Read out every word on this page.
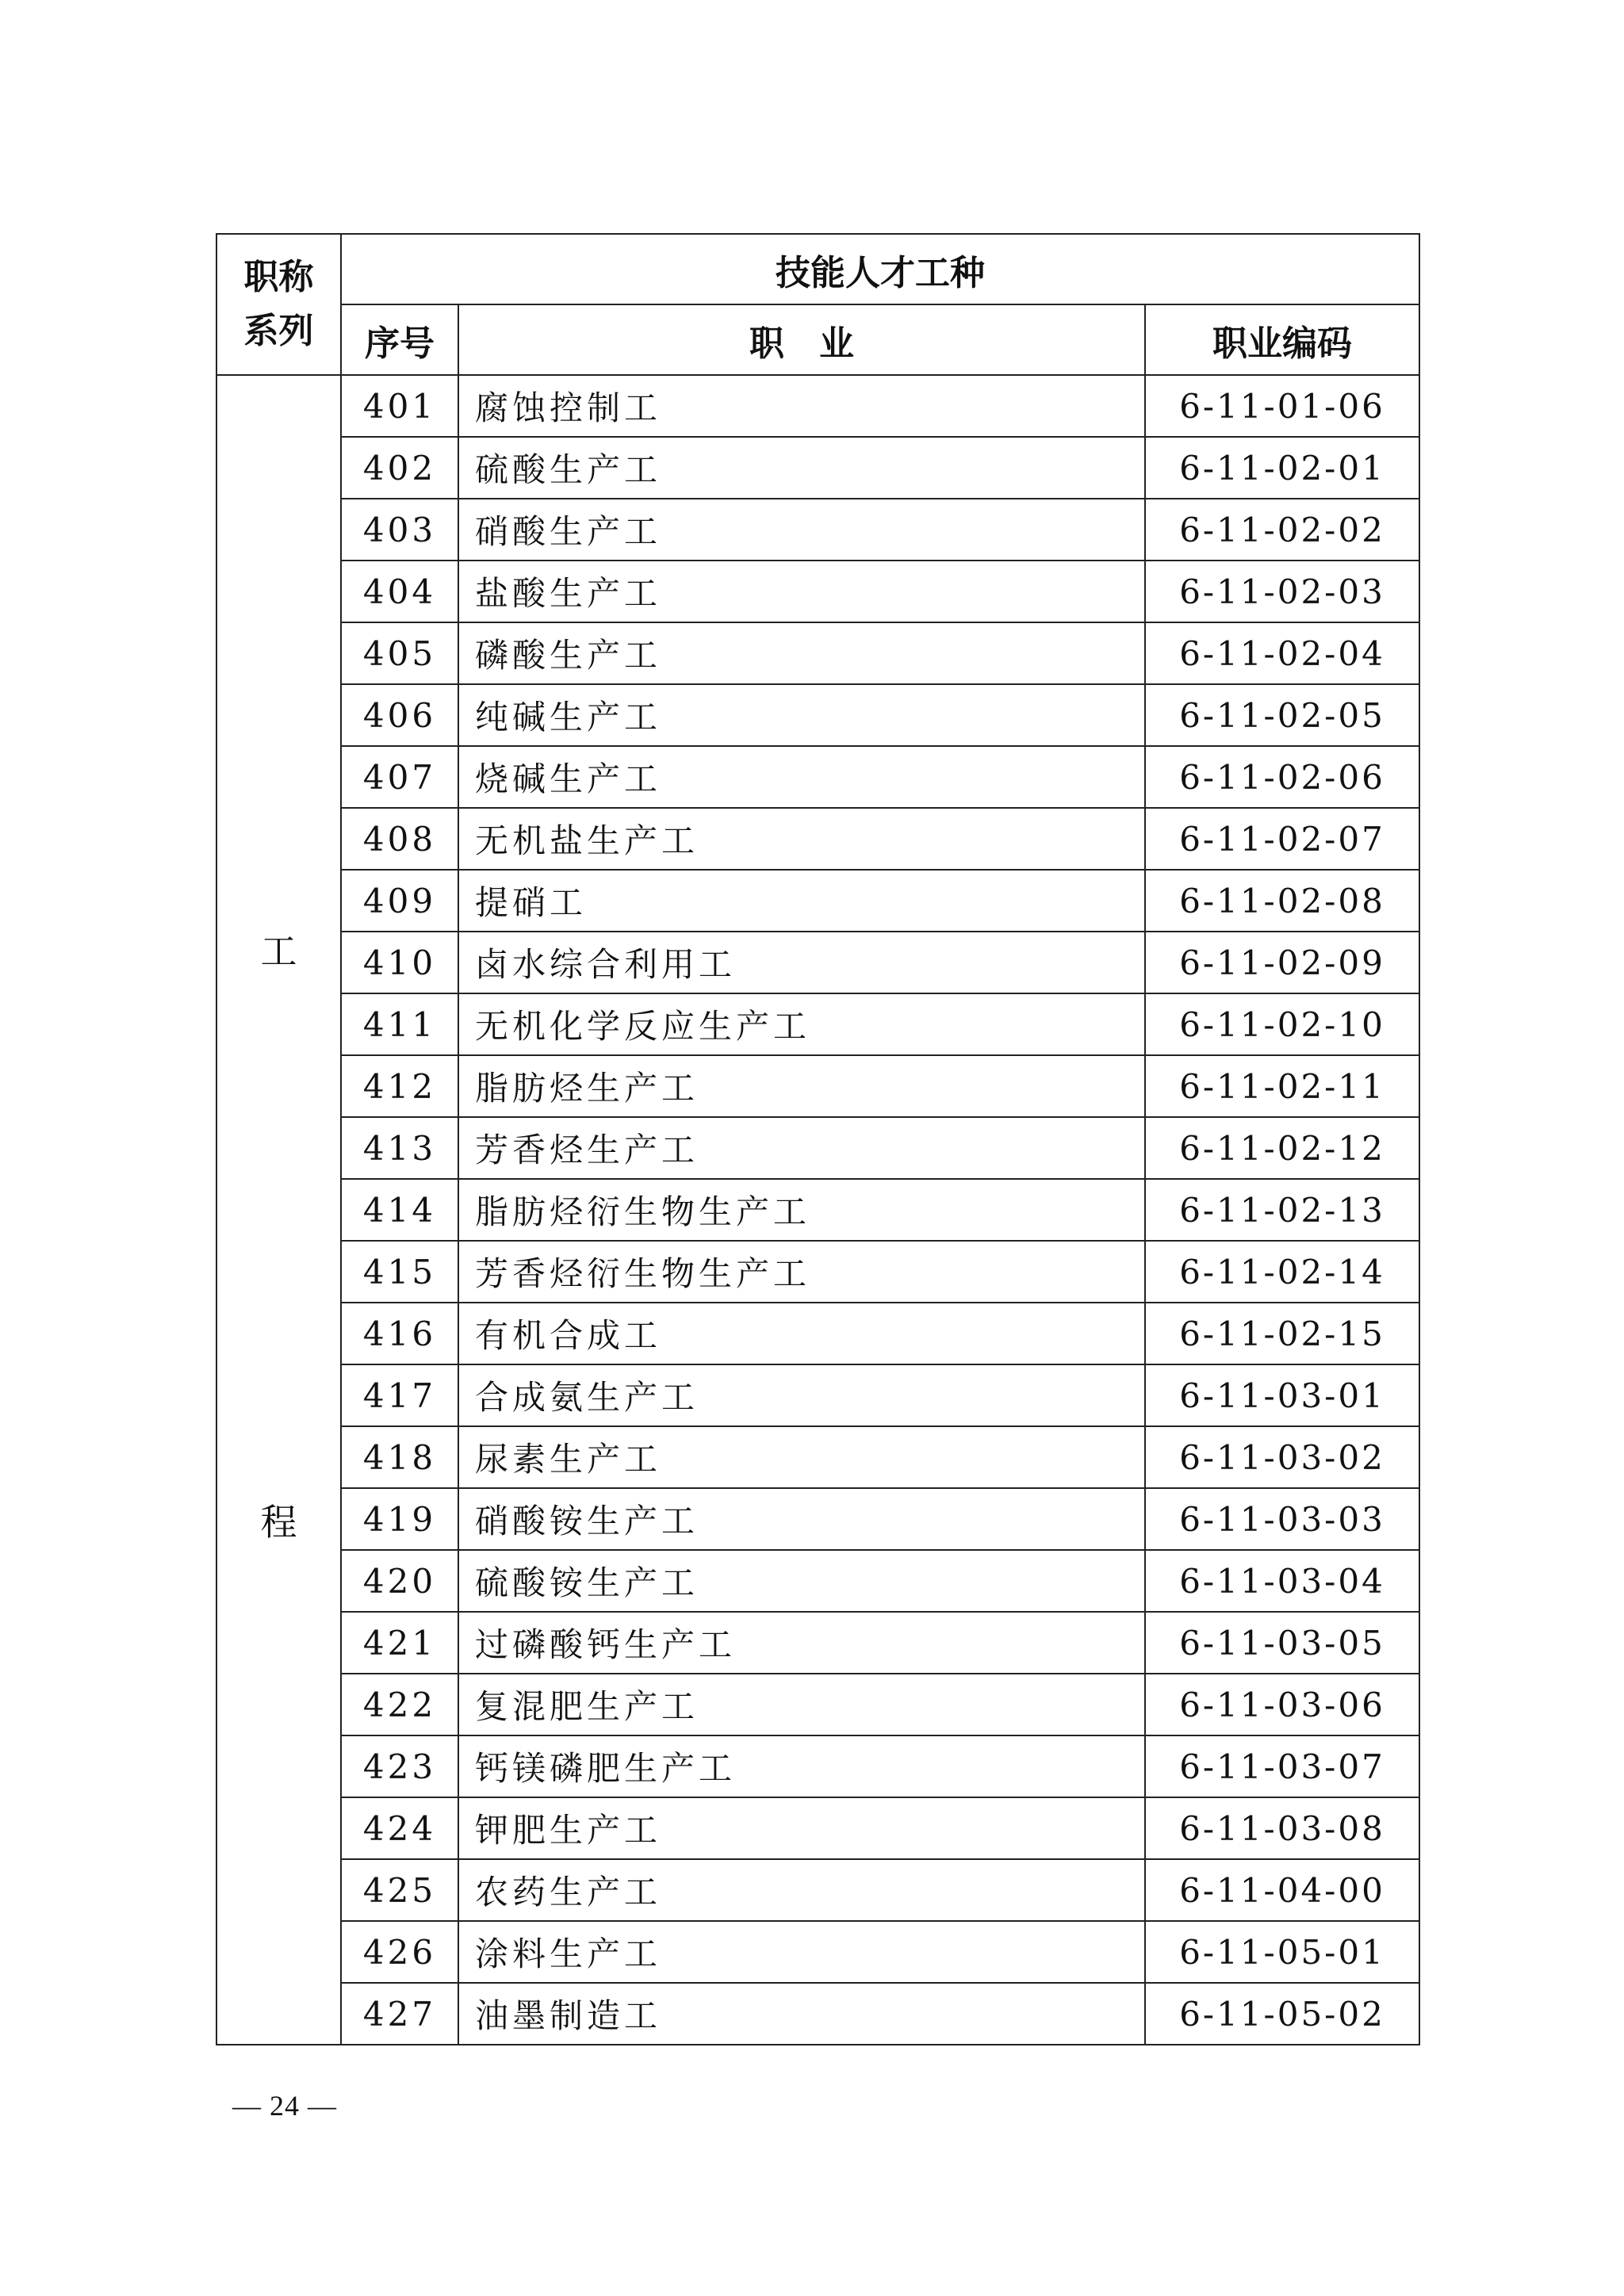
职称
系列	技能人才工种		
	序号	职　业	职业编码

工
程	401	腐蚀控制工	6-11-01-06
	402	硫酸生产工	6-11-02-01
	403	硝酸生产工	6-11-02-02
	404	盐酸生产工	6-11-02-03
	405	磷酸生产工	6-11-02-04
	406	纯碱生产工	6-11-02-05
	407	烧碱生产工	6-11-02-06
	408	无机盐生产工	6-11-02-07
	409	提硝工	6-11-02-08
	410	卤水综合利用工	6-11-02-09
	411	无机化学反应生产工	6-11-02-10
	412	脂肪烃生产工	6-11-02-11
	413	芳香烃生产工	6-11-02-12
	414	脂肪烃衍生物生产工	6-11-02-13
	415	芳香烃衍生物生产工	6-11-02-14
	416	有机合成工	6-11-02-15
	417	合成氨生产工	6-11-03-01
	418	尿素生产工	6-11-03-02
	419	硝酸铵生产工	6-11-03-03
	420	硫酸铵生产工	6-11-03-04
	421	过磷酸钙生产工	6-11-03-05
	422	复混肥生产工	6-11-03-06
	423	钙镁磷肥生产工	6-11-03-07
	424	钾肥生产工	6-11-03-08
	425	农药生产工	6-11-04-00
	426	涂料生产工	6-11-05-01
	427	油墨制造工	6-11-05-02
— 24 —
